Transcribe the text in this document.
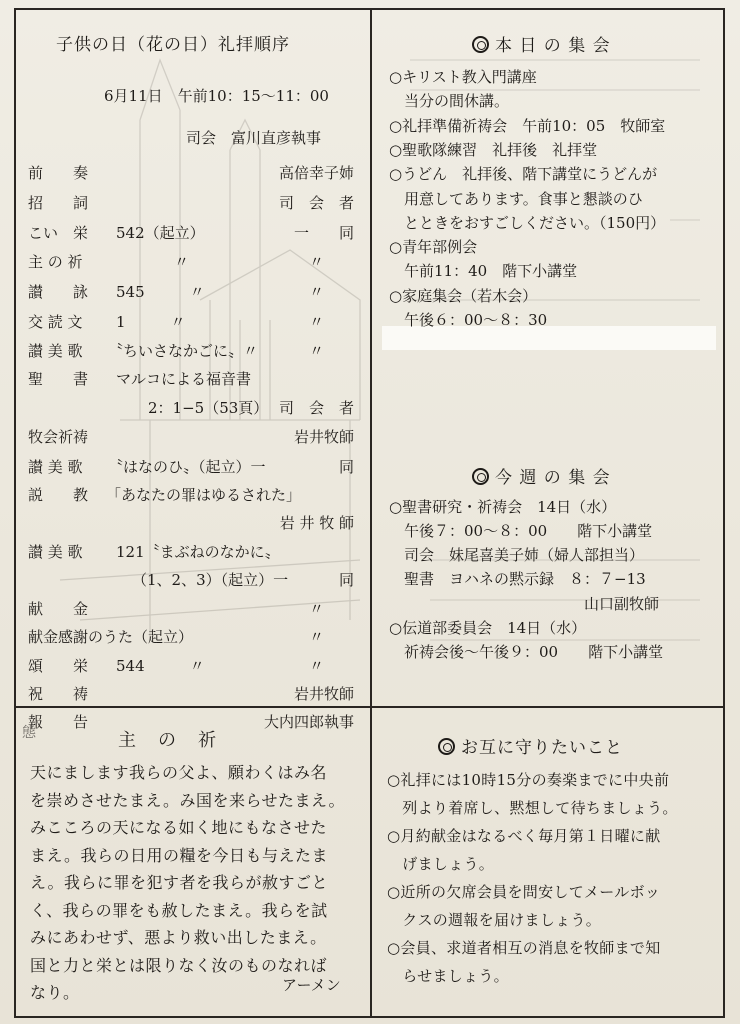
子供の日（花の日）礼拝順序
6月11日　午前10：15〜11：00
司会　富川直彦執事
前　　奏	高倍幸子姉
招　　詞	司　会　者
こい　栄 542（起立）	一　　同
主 の 祈	〃	〃
讃　　詠 545　　　〃	〃
交 読 文 1　　　〃	〃
讃 美 歌 〝ちいさなかごに〟〃	〃
聖　　書 マルコによる福音書
2：1−5（53頁） 司　会　者
牧会祈祷	岩井牧師
讃 美 歌 〝はなのひ〟（起立）一	同
説　　教 「あなたの罪はゆるされた」
岩 井 牧 師
讃 美 歌 121〝まぶねのなかに〟
（1、2、3）（起立）一	同
献　　金	〃
献金感謝のうた（起立）	〃
頌　　栄 544　　　〃	〃
祝　　祷	岩井牧師
報　　告	大内四郎執事
本 日 の 集 会
○キリスト教入門講座
　当分の間休講。
○礼拝準備祈祷会　午前10：05　牧師室
○聖歌隊練習　礼拝後　礼拝堂
○うどん　礼拝後、階下講堂にうどんが
　用意してあります。食事と懇談のひ
　とときをおすごしください。（150円）
○青年部例会
　午前11：40　階下小講堂
○家庭集会（若木会）
　午後６：00〜８：30
今 週 の 集 会
○聖書研究・祈祷会　14日（水）
　午後７：00〜８：00　　階下小講堂
　司会　妹尾喜美子姉（婦人部担当）
　聖書　ヨハネの黙示録　８：７−13
山口副牧師
○伝道部委員会　14日（水）
　祈祷会後〜午後９：00　　階下小講堂
態	主　の　祈
天にまします我らの父よ、願わくはみ名
を崇めさせたまえ。み国を来らせたまえ。
みこころの天になる如く地にもなさせた
まえ。我らの日用の糧を今日も与えたま
え。我らに罪を犯す者を我らが赦すごと
く、我らの罪をも赦したまえ。我らを試
みにあわせず、悪より救い出したまえ。
国と力と栄とは限りなく汝のものなれば
なり。	アーメン
お互に守りたいこと
○礼拝には10時15分の奏楽までに中央前
　列より着席し、黙想して待ちましょう。
○月約献金はなるべく毎月第１日曜に献
　げましょう。
○近所の欠席会員を問安してメールボッ
　クスの週報を届けましょう。
○会員、求道者相互の消息を牧師まで知
　らせましょう。
